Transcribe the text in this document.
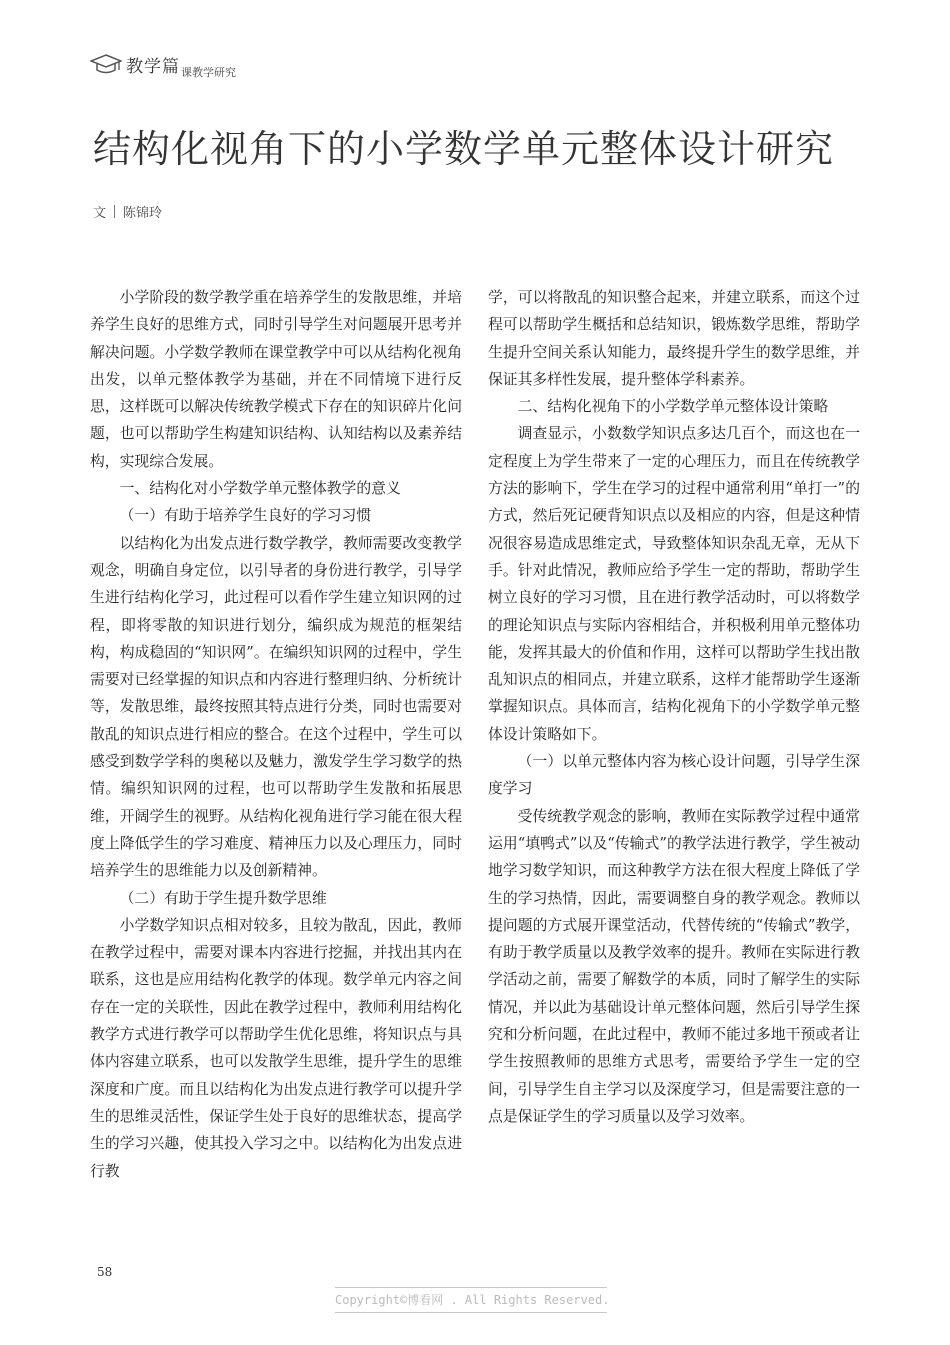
教学篇 课教学研究
结构化视角下的小学数学单元整体设计研究
文 陈锦玲

小学阶段的数学教学重在培养学生的发散思维，并培养学生良好的思维方式，同时引导学生对问题展开思考并解决问题。小学数学教师在课堂教学中可以从结构化视角出发，以单元整体教学为基础，并在不同情境下进行反思，这样既可以解决传统教学模式下存在的知识碎片化问题，也可以帮助学生构建知识结构、认知结构以及素养结构，实现综合发展。

一、结构化对小学数学单元整体教学的意义

（一）有助于培养学生良好的学习习惯

以结构化为出发点进行数学教学，教师需要改变教学观念，明确自身定位，以引导者的身份进行教学，引导学生进行结构化学习，此过程可以看作学生建立知识网的过程，即将零散的知识进行划分，编织成为规范的框架结构，构成稳固的“知识网”。在编织知识网的过程中，学生需要对已经掌握的知识点和内容进行整理归纳、分析统计等，发散思维，最终按照其特点进行分类，同时也需要对散乱的知识点进行相应的整合。在这个过程中，学生可以感受到数学学科的奥秘以及魅力，激发学生学习数学的热情。编织知识网的过程，也可以帮助学生发散和拓展思维，开阔学生的视野。从结构化视角进行学习能在很大程度上降低学生的学习难度、精神压力以及心理压力，同时培养学生的思维能力以及创新精神。

（二）有助于学生提升数学思维

小学数学知识点相对较多，且较为散乱，因此，教师在教学过程中，需要对课本内容进行挖掘，并找出其内在联系，这也是应用结构化教学的体现。数学单元内容之间存在一定的关联性，因此在教学过程中，教师利用结构化教学方式进行教学可以帮助学生优化思维，将知识点与具体内容建立联系，也可以发散学生思维，提升学生的思维深度和广度。而且以结构化为出发点进行教学可以提升学生的思维灵活性，保证学生处于良好的思维状态，提高学生的学习兴趣，使其投入学习之中。以结构化为出发点进行教

学，可以将散乱的知识整合起来，并建立联系，而这个过程可以帮助学生概括和总结知识，锻炼数学思维，帮助学生提升空间关系认知能力，最终提升学生的数学思维，并保证其多样性发展，提升整体学科素养。

二、结构化视角下的小学数学单元整体设计策略

调查显示，小数数学知识点多达几百个，而这也在一定程度上为学生带来了一定的心理压力，而且在传统教学方法的影响下，学生在学习的过程中通常利用“单打一”的方式，然后死记硬背知识点以及相应的内容，但是这种情况很容易造成思维定式，导致整体知识杂乱无章，无从下手。针对此情况，教师应给予学生一定的帮助，帮助学生树立良好的学习习惯，且在进行教学活动时，可以将数学的理论知识点与实际内容相结合，并积极利用单元整体功能，发挥其最大的价值和作用，这样可以帮助学生找出散乱知识点的相同点，并建立联系，这样才能帮助学生逐渐掌握知识点。具体而言，结构化视角下的小学数学单元整体设计策略如下。

（一）以单元整体内容为核心设计问题，引导学生深度学习

受传统教学观念的影响，教师在实际教学过程中通常运用“填鸭式”以及“传输式”的教学法进行教学，学生被动地学习数学知识，而这种教学方法在很大程度上降低了学生的学习热情，因此，需要调整自身的教学观念。教师以提问题的方式展开课堂活动，代替传统的“传输式”教学，有助于教学质量以及教学效率的提升。教师在实际进行教学活动之前，需要了解数学的本质，同时了解学生的实际情况，并以此为基础设计单元整体问题，然后引导学生探究和分析问题，在此过程中，教师不能过多地干预或者让学生按照教师的思维方式思考，需要给予学生一定的空间，引导学生自主学习以及深度学习，但是需要注意的一点是保证学生的学习质量以及学习效率。

58
Copyright©博看网 . All Rights Reserved.
